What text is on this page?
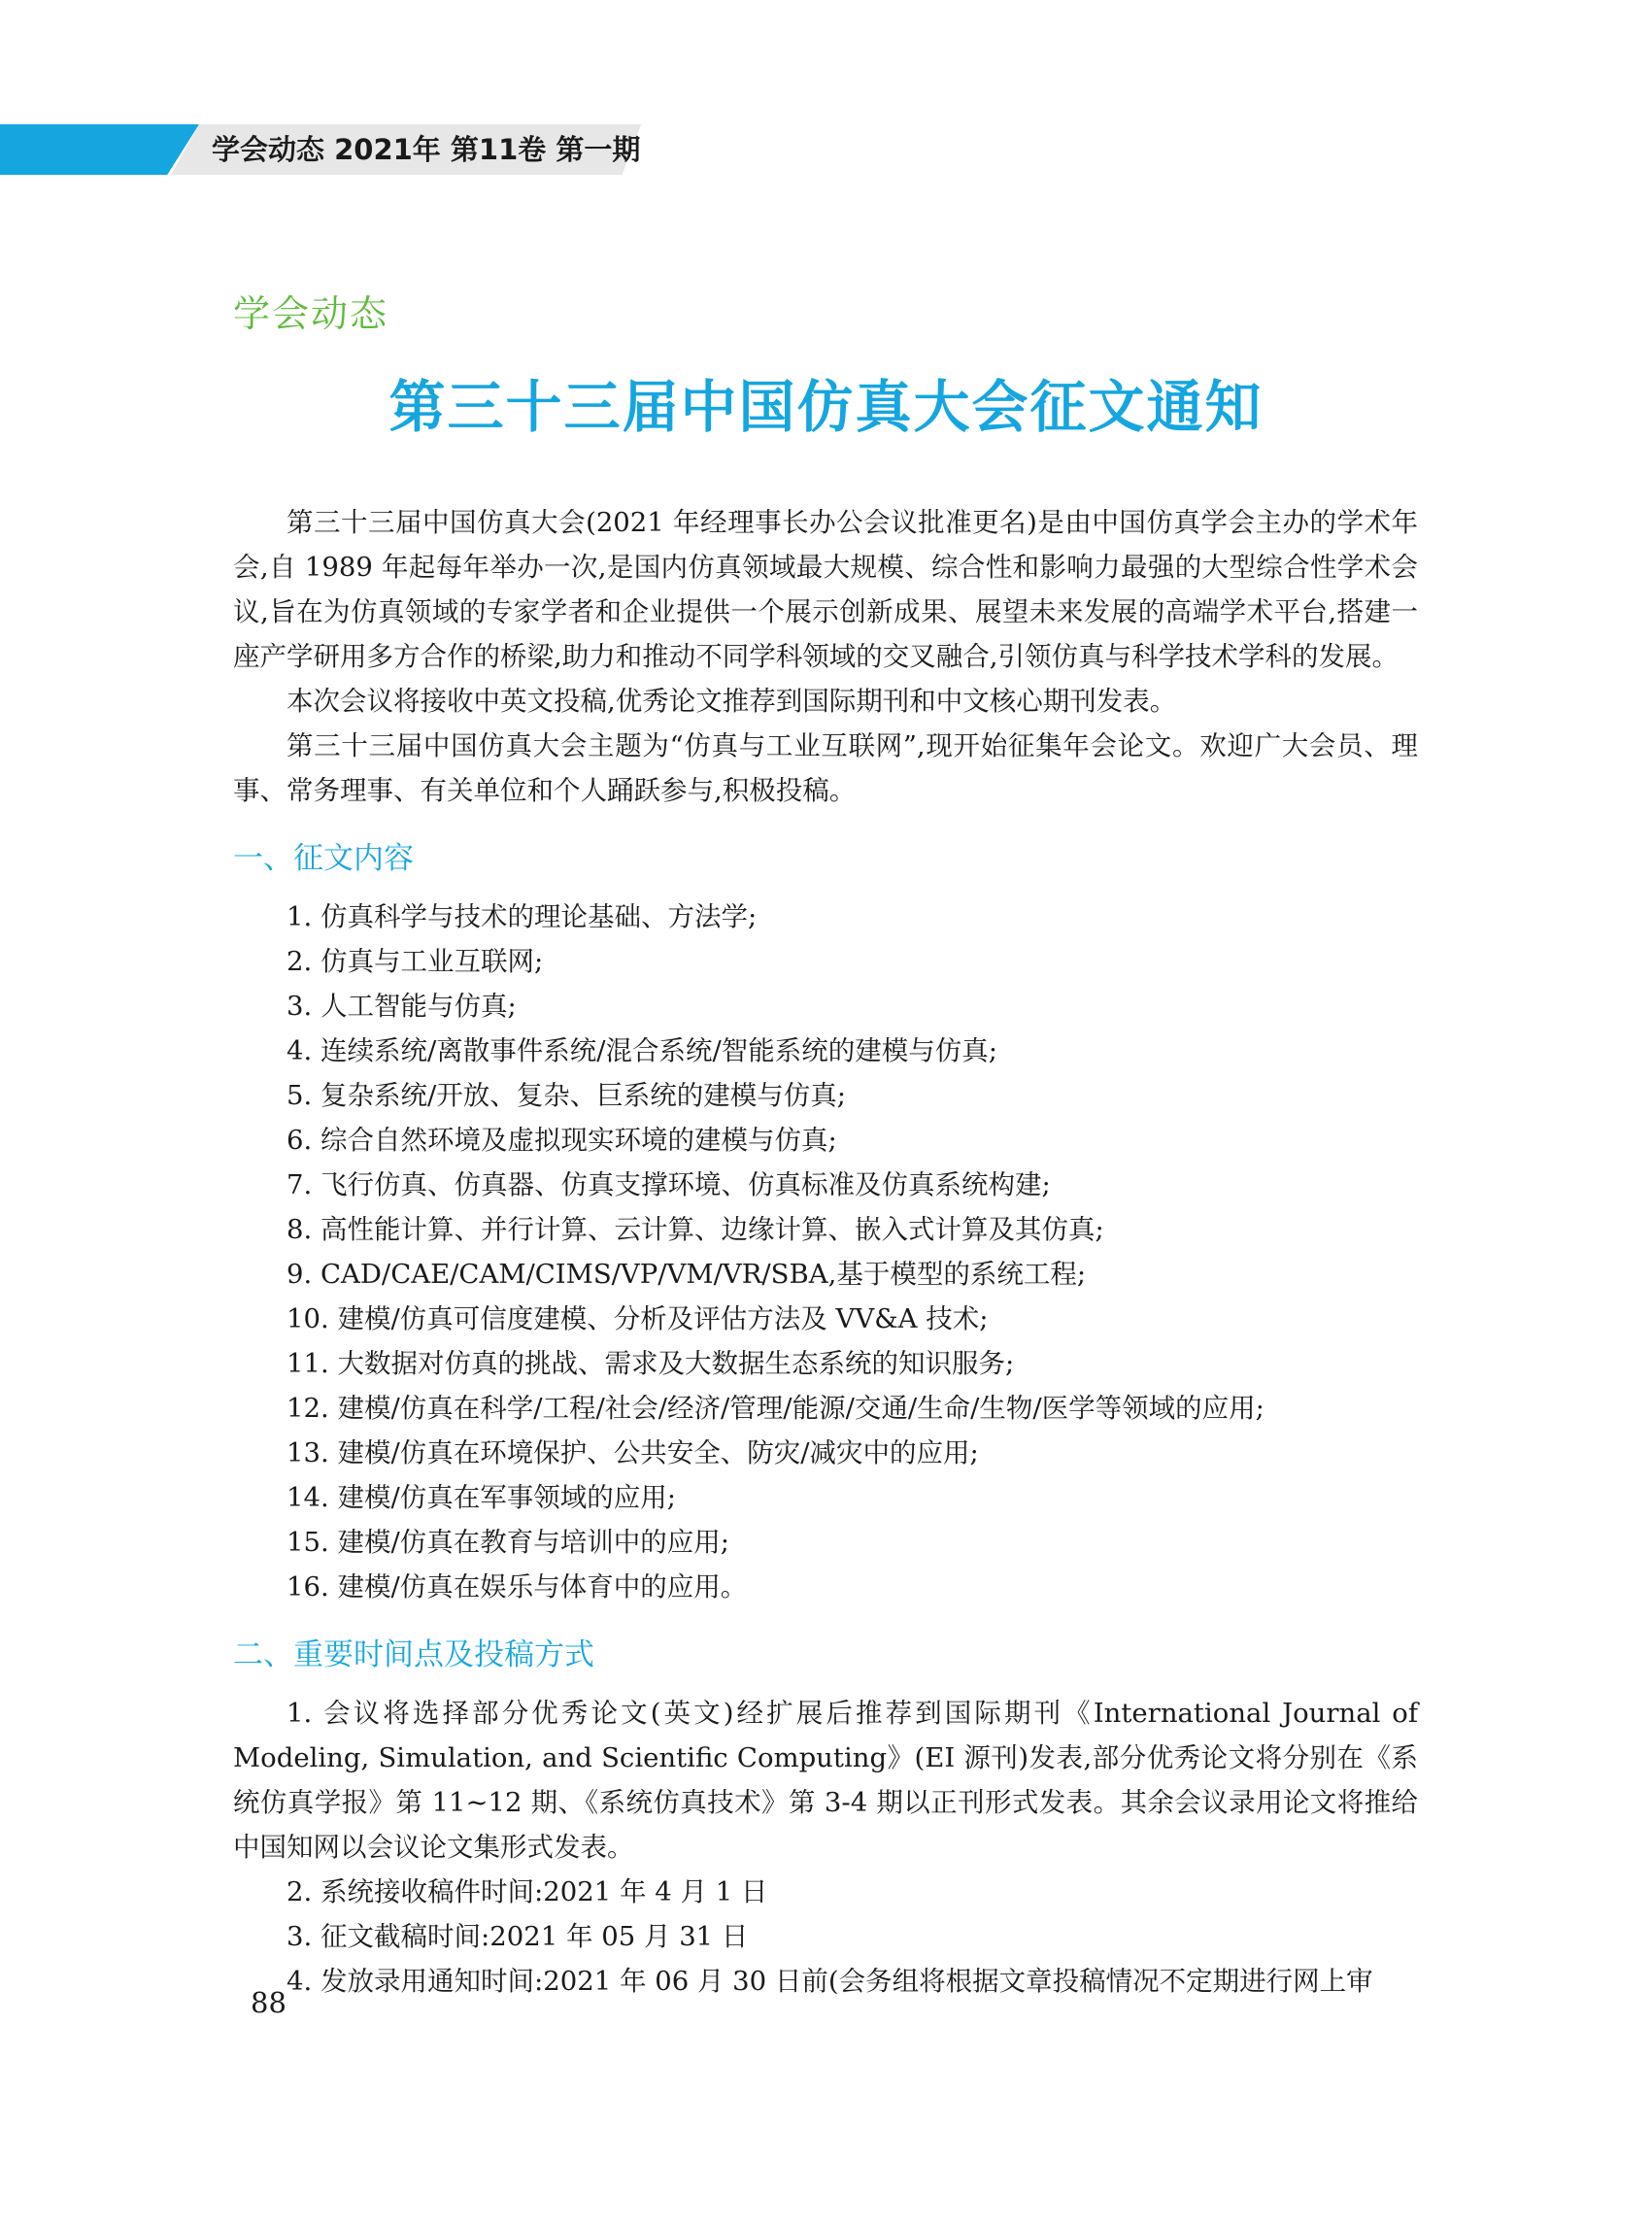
学会动态 2021年 第11卷 第一期
学会动态
第三十三届中国仿真大会征文通知

第三十三届中国仿真大会(2021 年经理事长办公会议批准更名)是由中国仿真学会主办的学术年会,自 1989 年起每年举办一次,是国内仿真领域最大规模、综合性和影响力最强的大型综合性学术会议,旨在为仿真领域的专家学者和企业提供一个展示创新成果、展望未来发展的高端学术平台,搭建一座产学研用多方合作的桥梁,助力和推动不同学科领域的交叉融合,引领仿真与科学技术学科的发展。

本次会议将接收中英文投稿,优秀论文推荐到国际期刊和中文核心期刊发表。

第三十三届中国仿真大会主题为“仿真与工业互联网”,现开始征集年会论文。欢迎广大会员、理事、常务理事、有关单位和个人踊跃参与,积极投稿。

一、征文内容
1. 仿真科学与技术的理论基础、方法学;
2. 仿真与工业互联网;
3. 人工智能与仿真;
4. 连续系统/离散事件系统/混合系统/智能系统的建模与仿真;
5. 复杂系统/开放、复杂、巨系统的建模与仿真;
6. 综合自然环境及虚拟现实环境的建模与仿真;
7. 飞行仿真、仿真器、仿真支撑环境、仿真标准及仿真系统构建;
8. 高性能计算、并行计算、云计算、边缘计算、嵌入式计算及其仿真;
9. CAD/CAE/CAM/CIMS/VP/VM/VR/SBA,基于模型的系统工程;
10. 建模/仿真可信度建模、分析及评估方法及 VV&A 技术;
11. 大数据对仿真的挑战、需求及大数据生态系统的知识服务;
12. 建模/仿真在科学/工程/社会/经济/管理/能源/交通/生命/生物/医学等领域的应用;
13. 建模/仿真在环境保护、公共安全、防灾/减灾中的应用;
14. 建模/仿真在军事领域的应用;
15. 建模/仿真在教育与培训中的应用;
16. 建模/仿真在娱乐与体育中的应用。
二、重要时间点及投稿方式

1. 会议将选择部分优秀论文(英文)经扩展后推荐到国际期刊《International Journal of Modeling, Simulation, and Scientific Computing》(EI 源刊)发表,部分优秀论文将分别在《系统仿真学报》第 11~12 期、《系统仿真技术》第 3-4 期以正刊形式发表。其余会议录用论文将推给中国知网以会议论文集形式发表。

2. 系统接收稿件时间:2021 年 4 月 1 日

3. 征文截稿时间:2021 年 05 月 31 日

4. 发放录用通知时间:2021 年 06 月 30 日前(会务组将根据文章投稿情况不定期进行网上审

88
